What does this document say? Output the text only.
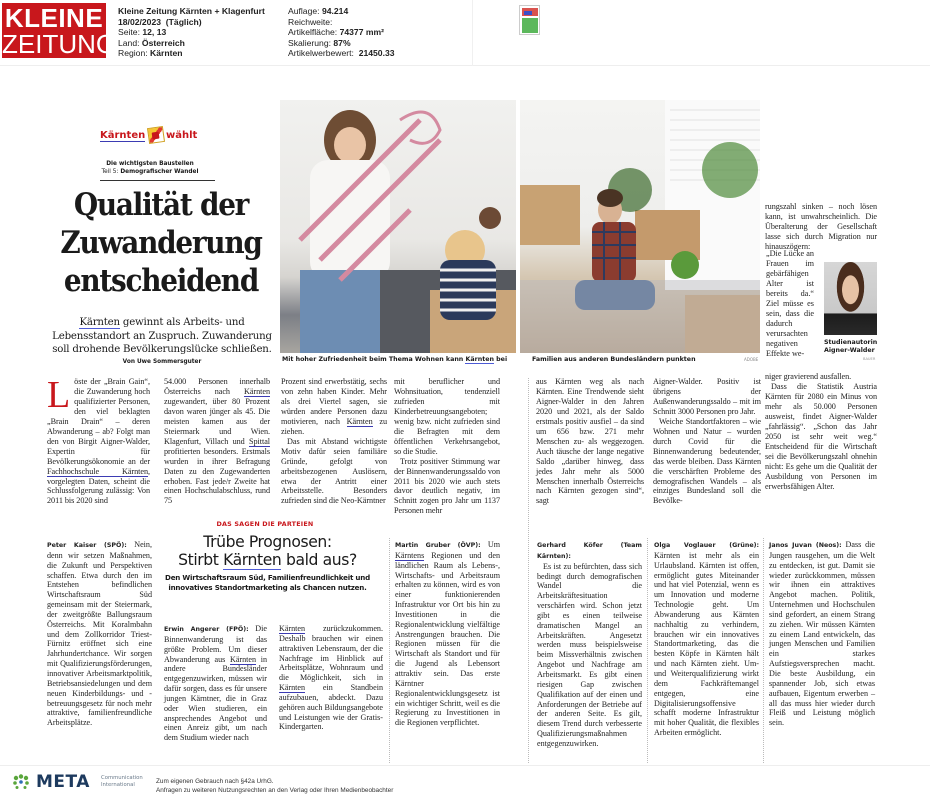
KLEINE
ZEITUNG
Kleine Zeitung Kärnten + Klagenfurt
18/02/2023 (Täglich)
Seite: 12, 13
Land: Österreich
Region: Kärnten
Auflage: 94.214
Reichweite:
Artikelfläche: 74377 mm²
Skalierung: 87%
Artikelwerbewert: 21450.33
Kärnten wählt
Die wichtigsten Baustellen
Teil 5: Demografischer Wandel
Qualität der
Zuwanderung
entscheidend
Kärnten gewinnt als Arbeits- und Lebensstandort an Zuspruch. Zuwanderung soll drohende Bevölkerungslücke schließen.
Von Uwe Sommersguter	Mit hoher Zufriedenheit beim Thema Wohnen kann Kärnten bei	Familien aus anderen Bundesländern punkten	ADOBE
Löste der „Brain Gain“, die Zuwanderung hoch qualifizierter Personen, den viel beklagten „Brain Drain“ – deren Abwanderung – ab? Folgt man den von Birgit Aigner-Walder, Expertin für Bevölkerungsökonomie an der Fachhochschule Kärnten, vorgelegten Daten, scheint die Schlussfolgerung zulässig: Von 2011 bis 2020 sind
54.000 Personen innerhalb Österreichs nach Kärnten zugewandert, über 80 Prozent davon waren jünger als 45. Die meisten kamen aus der Steiermark und Wien. Klagenfurt, Villach und Spittal profitierten besonders. Erstmals wurden in ihrer Befragung Daten zu den Zugewanderten erhoben. Fast jede/r Zweite hat einen Hochschulabschluss, rund 75
Prozent sind erwerbstätig, sechs von zehn haben Kinder. Mehr als drei Viertel sagen, sie würden andere Personen dazu motivieren, nach Kärnten zu ziehen.
Das mit Abstand wichtigste Motiv dafür seien familiäre Gründe, gefolgt von arbeitsbezogenen Auslösern, etwa der Antritt einer Arbeitsstelle. Besonders zufrieden sind die Neo-Kärntner
mit beruflicher und Wohnsituation, tendenziell zufrieden mit Kinderbetreuungsangeboten; wenig bzw. nicht zufrieden sind die Befragten mit dem öffentlichen Verkehrsangebot, so die Studie.
Trotz positiver Stimmung war der Binnenwanderungssaldo von 2011 bis 2020 wie auch stets davor deutlich negativ, im Schnitt zogen pro Jahr um 1137 Personen mehr
aus Kärnten weg als nach Kärnten. Eine Trendwende sieht Aigner-Walder in den Jahren 2020 und 2021, als der Saldo erstmals positiv ausfiel – da sind um 656 bzw. 271 mehr Menschen zu- als weggezogen. Auch täusche der lange negative Saldo „darüber hinweg, dass jedes Jahr mehr als 5000 Menschen innerhalb Österreichs nach Kärnten gezogen sind“, sagt
Aigner-Walder. Positiv ist übrigens der Außenwanderungssaldo – mit im Schnitt 3000 Personen pro Jahr.
Weiche Standortfaktoren – wie Wohnen und Natur – wurden durch Covid für die Binnenwanderung bedeutender, das werde bleiben. Dass Kärnten die verschärften Probleme des demografischen Wandels – als einziges Bundesland soll die Bevölke-
rungszahl sinken – noch lösen kann, ist unwahrscheinlich. Die Überalterung der Gesellschaft lasse sich durch Migration nur hinauszögern:
„Die Lücke an Frauen im gebärfähigen Alter ist bereits da.“ Ziel müsse es sein, dass die dadurch verursachten negativen Effekte we-
Studienautorin Aigner-Walder
BAUER
niger gravierend ausfallen.
Dass die Statistik Austria Kärnten für 2080 ein Minus von mehr als 50.000 Personen ausweist, findet Aigner-Walder „fahrlässig“. „Schon das Jahr 2050 ist sehr weit weg.“ Entscheidend für die Wirtschaft sei die Bevölkerungszahl ohnehin nicht: Es gehe um die Qualität der Ausbildung von Personen im erwerbsfähigen Alter.
DAS SAGEN DIE PARTEIEN
Trübe Prognosen:
Stirbt Kärnten bald aus?
Den Wirtschaftsraum Süd, Familienfreundlichkeit und innovatives Standortmarketing als Chancen nutzen.
Peter Kaiser (SPÖ): Nein, denn wir setzen Maßnahmen, die Zukunft und Perspektiven schaffen. Etwa durch den im Entstehen befindlichen Wirtschaftsraum Süd gemeinsam mit der Steiermark, der zweitgrößte Ballungsraum Österreichs. Mit Koralmbahn und dem Zollkorridor Triest-Fürnitz eröffnet sich eine Jahrhundertchance. Wir sorgen mit Qualifizierungsförderungen, innovativer Arbeitsmarktpolitik, Betriebsansiedelungen und dem neuen Kinderbildungs- und -betreuungsgesetz für noch mehr attraktive, familienfreundliche Arbeitsplätze.
Erwin Angerer (FPÖ): Die Binnenwanderung ist das größte Problem. Um dieser Abwanderung aus Kärnten in andere Bundesländer entgegenzuwirken, müssen wir dafür sorgen, dass es für unsere jungen Kärntner, die in Graz oder Wien studieren, ein ansprechendes Angebot und einen Anreiz gibt, um nach dem Studium wieder nach
Kärnten zurückzukommen. Deshalb brauchen wir einen attraktiven Lebensraum, der die Nachfrage im Hinblick auf Arbeitsplätze, Wohnraum und die Möglichkeit, sich in Kärnten ein Standbein aufzubauen, abdeckt. Dazu gehören auch Bildungsangebote und Leistungen wie der Gratis-Kindergarten.
Martin Gruber (ÖVP): Um Kärntens Regionen und den ländlichen Raum als Lebens-, Wirtschafts- und Arbeitsraum erhalten zu können, wird es von einer funktionierenden Infrastruktur vor Ort bis hin zu Investitionen in die Regionalentwicklung vielfältige Anstrengungen brauchen. Die Regionen müssen für die Wirtschaft als Standort und für die Jugend als Lebensort attraktiv sein. Das erste Kärntner Regionalentwicklungsgesetz ist ein wichtiger Schritt, weil es die Regierung zu Investitionen in die Regionen verpflichtet.
Gerhard Köfer (Team Kärnten):
Es ist zu befürchten, dass sich bedingt durch demografischen Wandel die Arbeitskräftesituation verschärfen wird. Schon jetzt gibt es einen teilweise dramatischen Mangel an Arbeitskräften. Angesetzt werden muss beispielsweise beim Missverhältnis zwischen Angebot und Nachfrage am Arbeitsmarkt. Es gibt einen riesigen Gap zwischen Qualifikation auf der einen und Anforderungen der Betriebe auf der anderen Seite. Es gilt, diesem Trend durch verbesserte Qualifizierungsmaßnahmen entgegenzuwirken.
Olga Voglauer (Grüne): Kärnten ist mehr als ein Urlaubsland. Kärnten ist offen, ermöglicht gutes Miteinander und hat viel Potenzial, wenn es um Innovation und moderne Technologie geht. Um Abwanderung aus Kärnten nachhaltig zu verhindern, brauchen wir ein innovatives Standortmarketing, das die besten Köpfe in Kärnten hält und nach Kärnten zieht. Um- und Weiterqualifizierung wirkt dem Fachkräftemangel entgegen, eine Digitalisierungsoffensive schafft moderne Infrastruktur mit hoher Qualität, die flexibles Arbeiten ermöglicht.
Janos Juvan (Neos): Dass die Jungen rausgehen, um die Welt zu entdecken, ist gut. Damit sie wieder zurückkommen, müssen wir ihnen ein attraktives Angebot machen. Politik, Unternehmen und Hochschulen sind gefordert, an einem Strang zu ziehen. Wir müssen Kärnten zu einem Land entwickeln, das jungen Menschen und Familien ein starkes Aufstiegsversprechen macht. Die beste Ausbildung, ein spannender Job, sich etwas aufbauen, Eigentum erwerben – all das muss hier wieder durch Fleiß und Leistung möglich sein.
META Communication
International	Zum eigenen Gebrauch nach §42a UrhG.
Anfragen zu weiteren Nutzungsrechten an den Verlag oder Ihren Medienbeobachter
